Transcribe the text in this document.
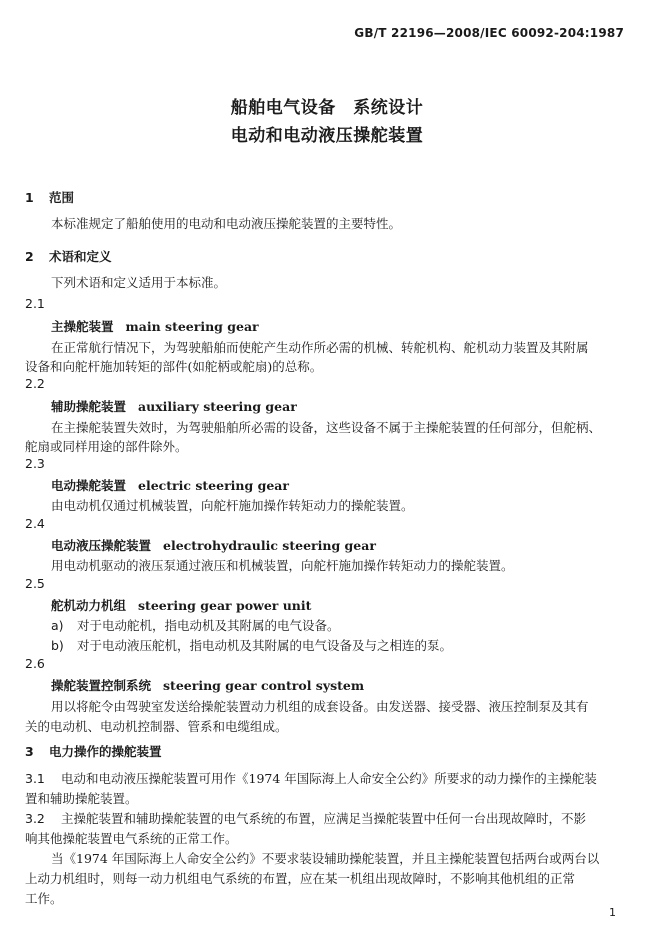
GB/T 22196—2008/IEC 60092-204:1987
船舶电气设备　系统设计
电动和电动液压操舵装置
1 范围
本标准规定了船舶使用的电动和电动液压操舵装置的主要特性。
2 术语和定义
下列术语和定义适用于本标准。
2.1
主操舵装置 main steering gear
在正常航行情况下，为驾驶船舶而使舵产生动作所必需的机械、转舵机构、舵机动力装置及其附属
设备和向舵杆施加转矩的部件(如舵柄或舵扇)的总称。
2.2
辅助操舵装置 auxiliary steering gear
在主操舵装置失效时，为驾驶船舶所必需的设备，这些设备不属于主操舵装置的任何部分，但舵柄、
舵扇或同样用途的部件除外。
2.3
电动操舵装置 electric steering gear
由电动机仅通过机械装置，向舵杆施加操作转矩动力的操舵装置。
2.4
电动液压操舵装置 electrohydraulic steering gear
用电动机驱动的液压泵通过液压和机械装置，向舵杆施加操作转矩动力的操舵装置。
2.5
舵机动力机组 steering gear power unit
a) 对于电动舵机，指电动机及其附属的电气设备。
b) 对于电动液压舵机，指电动机及其附属的电气设备及与之相连的泵。
2.6
操舵装置控制系统 steering gear control system
用以将舵令由驾驶室发送给操舵装置动力机组的成套设备。由发送器、接受器、液压控制泵及其有
关的电动机、电动机控制器、管系和电缆组成。
3 电力操作的操舵装置
3.1 电动和电动液压操舵装置可用作《1974 年国际海上人命安全公约》所要求的动力操作的主操舵装
置和辅助操舵装置。
3.2 主操舵装置和辅助操舵装置的电气系统的布置，应满足当操舵装置中任何一台出现故障时，不影
响其他操舵装置电气系统的正常工作。
当《1974 年国际海上人命安全公约》不要求装设辅助操舵装置，并且主操舵装置包括两台或两台以
上动力机组时，则每一动力机组电气系统的布置，应在某一机组出现故障时，不影响其他机组的正常
工作。
1
